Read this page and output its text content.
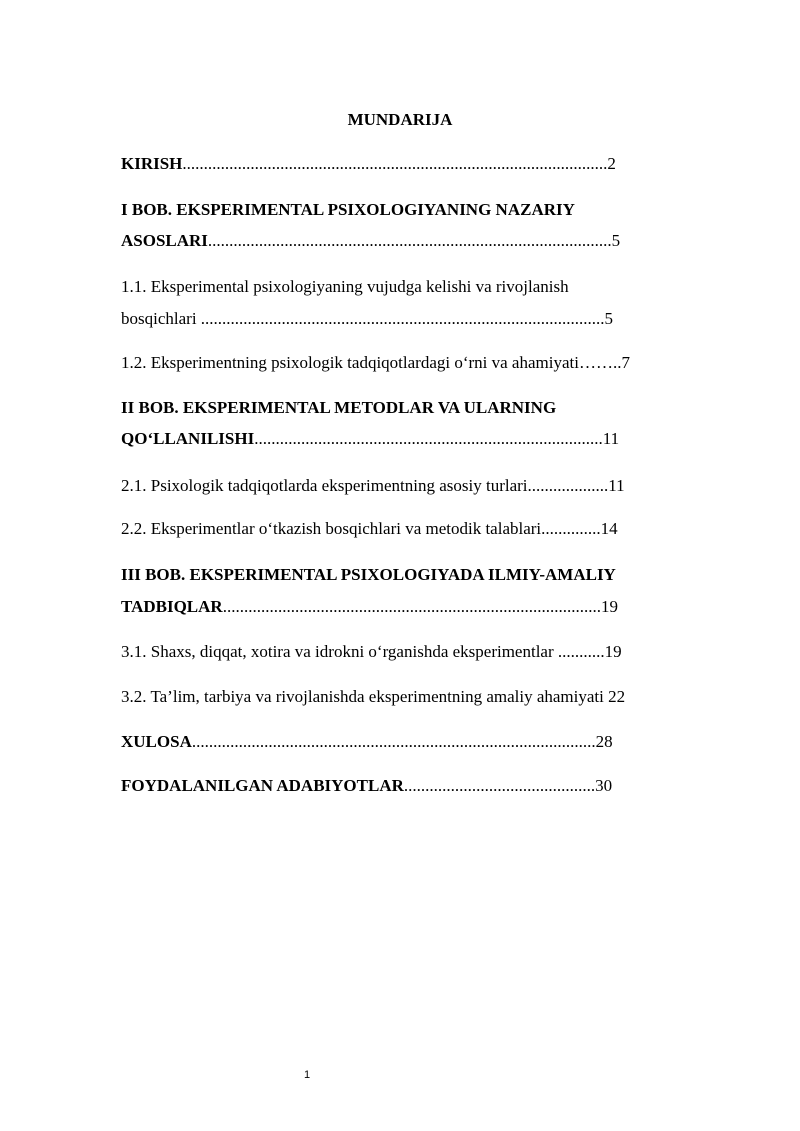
MUNDARIJA
KIRISH....................................................................................................2
I BOB. EKSPERIMENTAL PSIXOLOGIYANING NAZARIY
ASOSLARI...............................................................................................5
1.1. Eksperimental psixologiyaning vujudga kelishi va rivojlanish
bosqichlari ...............................................................................................5
1.2. Eksperimentning psixologik tadqiqotlardagi o‘rni va ahamiyati……..7
II BOB. EKSPERIMENTAL METODLAR VA ULARNING
QO‘LLANILISHI..................................................................................11
2.1. Psixologik tadqiqotlarda eksperimentning asosiy turlari...................11
2.2. Eksperimentlar o‘tkazish bosqichlari va metodik talablari..............14
III BOB. EKSPERIMENTAL PSIXOLOGIYADA ILMIY-AMALIY
TADBIQLAR.........................................................................................19
3.1. Shaxs, diqqat, xotira va idrokni o‘rganishda eksperimentlar ...........19
3.2. Ta’lim, tarbiya va rivojlanishda eksperimentning amaliy ahamiyati 22
XULOSA...............................................................................................28
FOYDALANILGAN ADABIYOTLAR.............................................30
1
